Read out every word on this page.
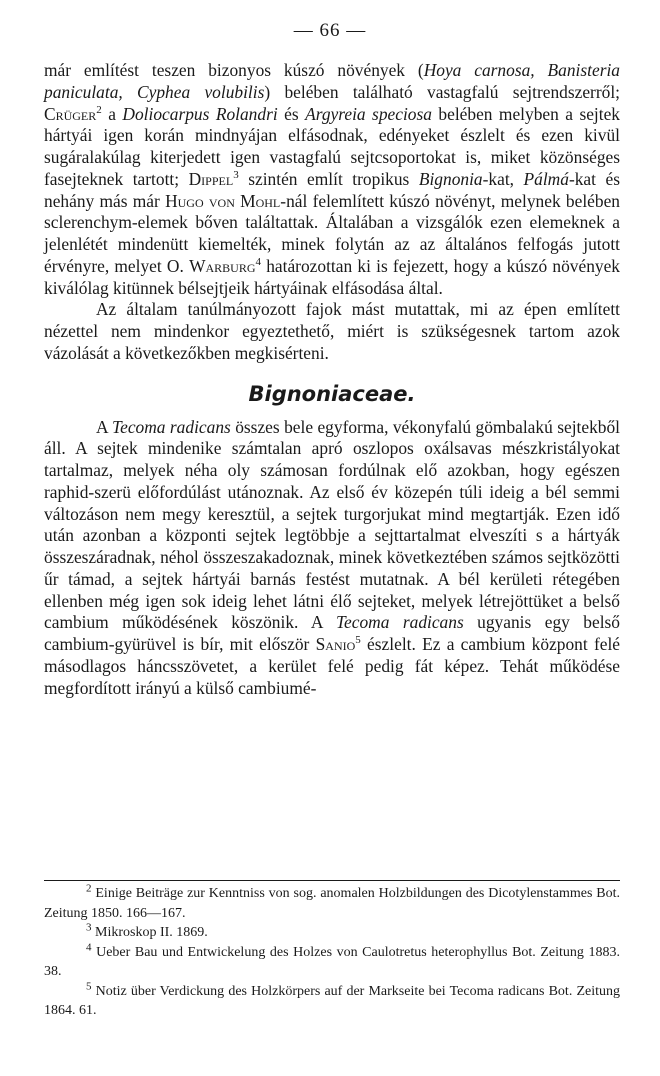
— 66 —

már említést teszen bizonyos kúszó növények (Hoya carnosa, Banisteria paniculata, Cyphea volubilis) belében található vastagfalú sejtrendszerről; Crüger$^2$ a Doliocarpus Rolandri és Argyreia speciosa belében melyben a sejtek hártyái igen korán mindnyájan elfásodnak, edényeket észlelt és ezen kivül sugáralakúlag kiterjedett igen vastagfalú sejtcsoportokat is, miket közönséges fasejteknek tartott; Dippel$^3$ szintén említ tropikus Bignonia-kat, Pálmá-kat és nehány más már Hugo von Mohl-nál felemlített kúszó növényt, melynek belében sclerenchym-elemek bőven találtattak. Általában a vizsgálók ezen elemeknek a jelenlétét mindenütt kiemelték, minek folytán az az általános felfogás jutott érvényre, melyet O. Warburg$^4$ határozottan ki is fejezett, hogy a kúszó növények kiválólag kitünnek bélsejtjeik hártyáinak elfásodása által.

Az általam tanúlmányozott fajok mást mutattak, mi az épen említett nézettel nem mindenkor egyeztethető, miért is szükségesnek tartom azok vázolását a következőkben megkisérteni.

Bignoniaceae.

A Tecoma radicans összes bele egyforma, vékonyfalú gömbalakú sejtekből áll. A sejtek mindenike számtalan apró oszlopos oxálsavas mészkristályokat tartalmaz, melyek néha oly számosan fordúlnak elő azokban, hogy egészen raphid-szerü előfordúlást utánoznak. Az első év közepén túli ideig a bél semmi változáson nem megy keresztül, a sejtek turgorjukat mind megtartják. Ezen idő után azonban a központi sejtek legtöbbje a sejttartalmat elveszíti s a hártyák összeszáradnak, néhol összeszakadoznak, minek következtében számos sejtközötti űr támad, a sejtek hártyái barnás festést mutatnak. A bél kerületi rétegében ellenben még igen sok ideig lehet látni élő sejteket, melyek létrejöttüket a belső cambium működésének köszönik. A Tecoma radicans ugyanis egy belső cambium-gyürüvel is bír, mit először Sanio$^5$ észlelt. Ez a cambium központ felé másodlagos háncsszövetet, a kerület felé pedig fát képez. Tehát működése megfordított irányú a külső cambiumé-

$^2$ Einige Beiträge zur Kenntniss von sog. anomalen Holzbildungen des Dicotylenstammes Bot. Zeitung 1850. 166—167.
$^3$ Mikroskop II. 1869.
$^4$ Ueber Bau und Entwickelung des Holzes von Caulotretus heterophyllus Bot. Zeitung 1883. 38.
$^5$ Notiz über Verdickung des Holzkörpers auf der Markseite bei Tecoma radicans Bot. Zeitung 1864. 61.
